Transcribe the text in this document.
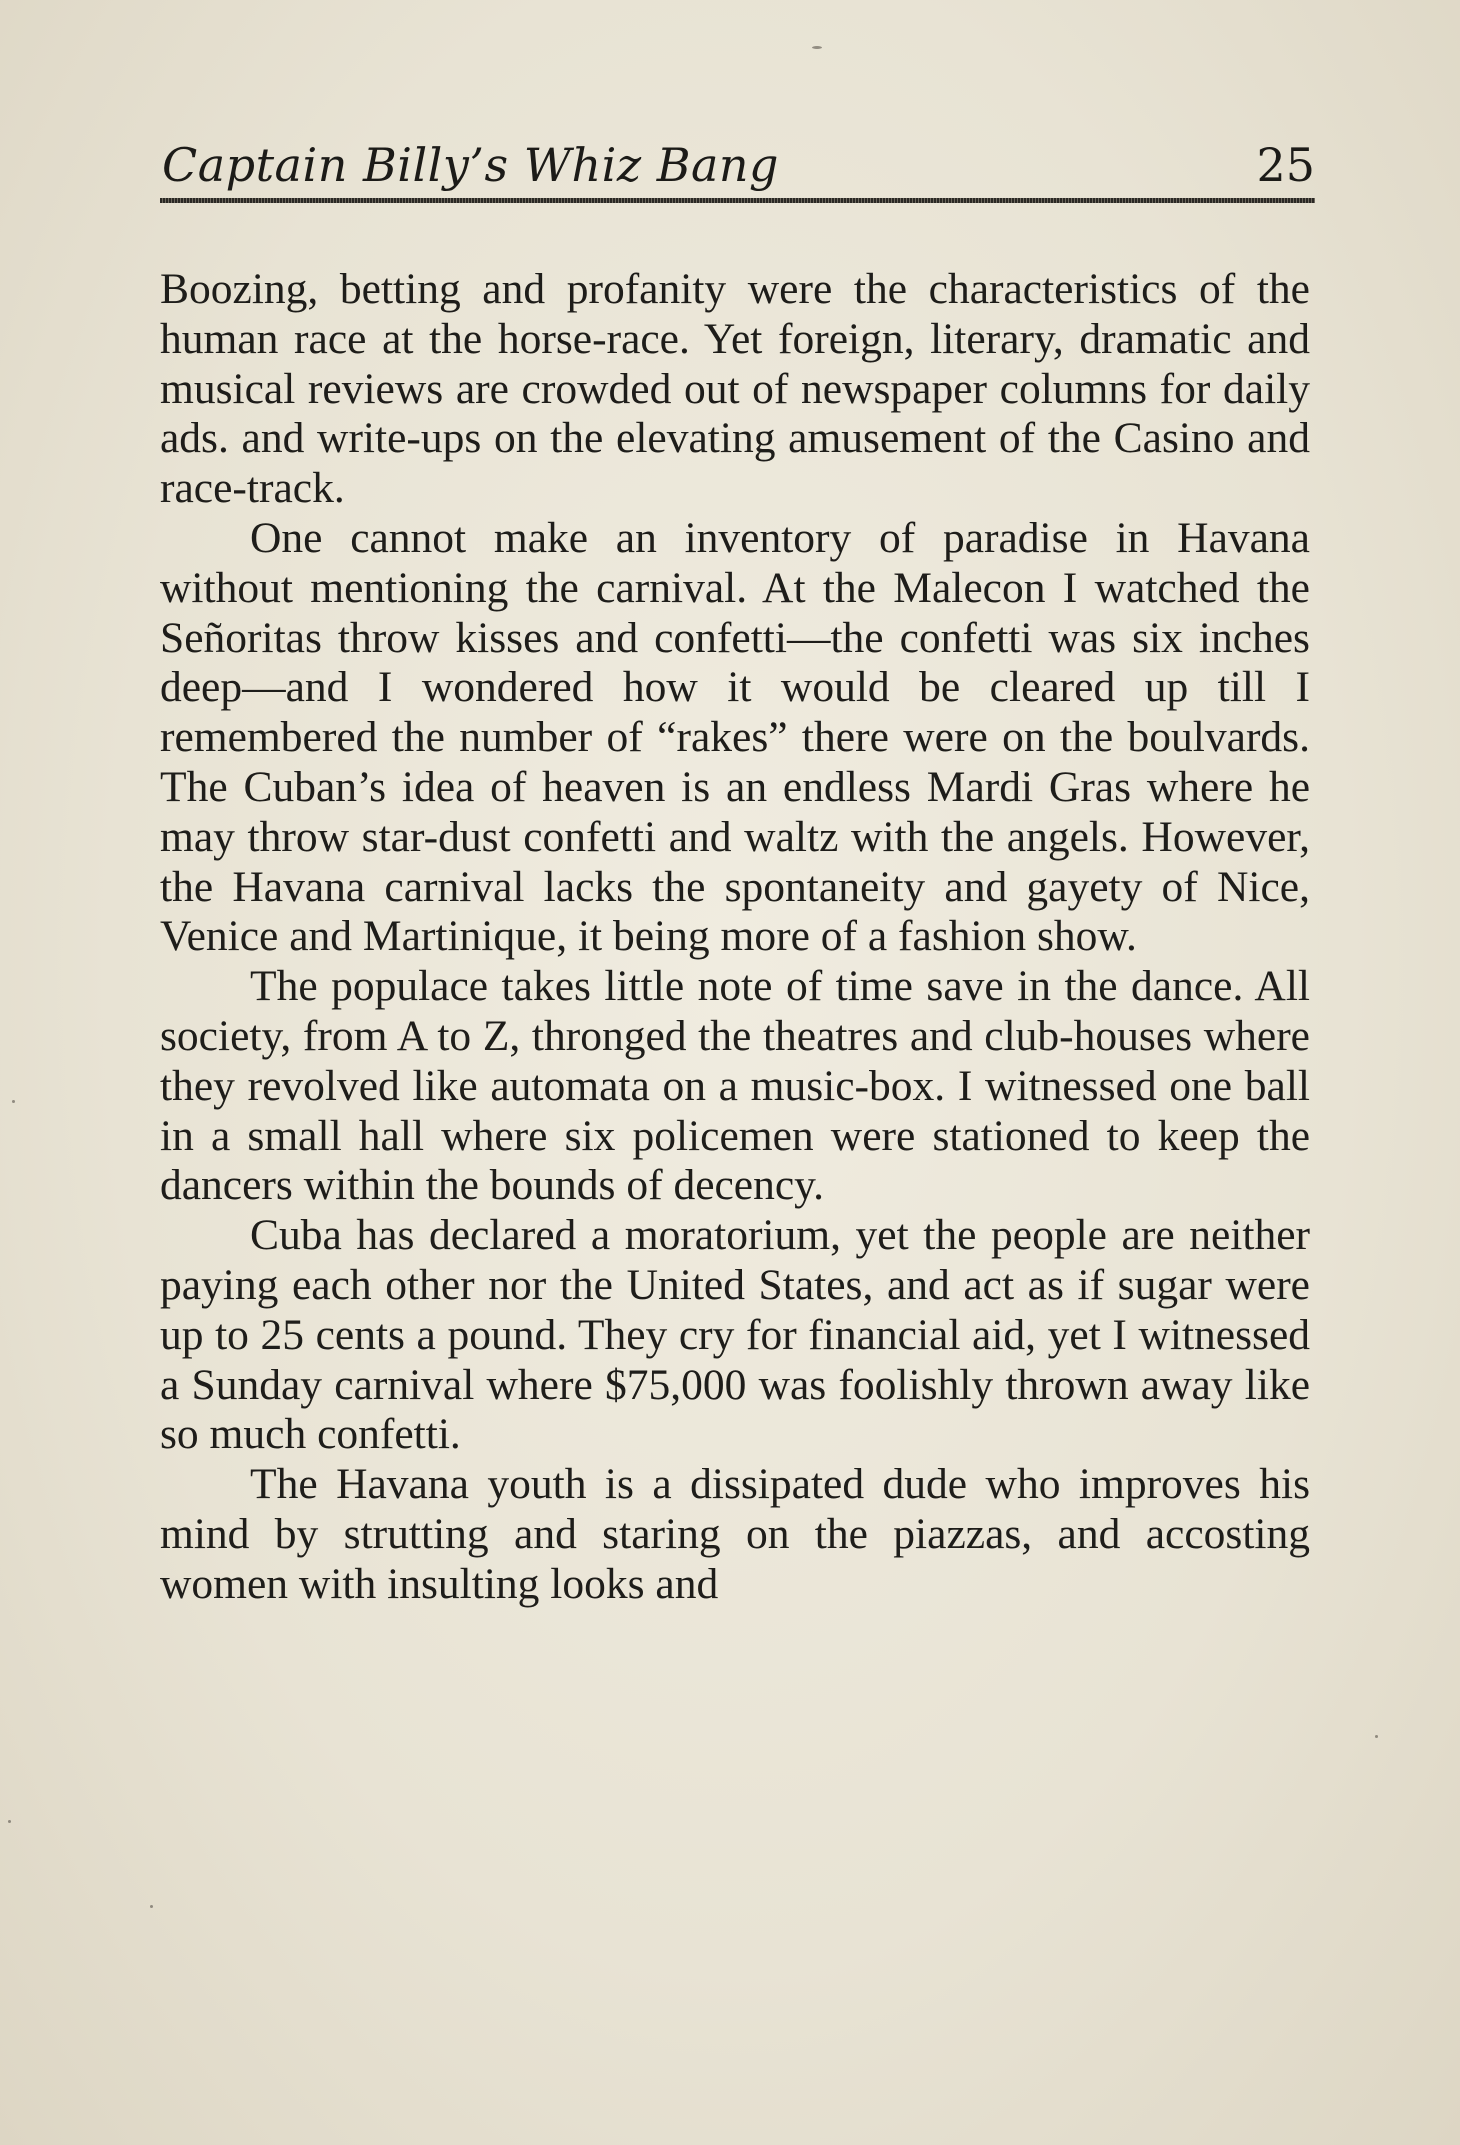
Captain Billy’s Whiz Bang	25

Boozing, betting and profanity were the characteristics of the human race at the horse-race. Yet foreign, literary, dramatic and musical reviews are crowded out of newspaper columns for daily ads. and write-ups on the elevating amusement of the Casino and race-track.

One cannot make an inventory of paradise in Havana without mentioning the carnival. At the Malecon I watched the Señoritas throw kisses and confetti—the confetti was six inches deep—and I wondered how it would be cleared up till I remembered the number of “rakes” there were on the boulvards. The Cuban’s idea of heaven is an endless Mardi Gras where he may throw star-dust confetti and waltz with the angels. However, the Havana carnival lacks the spontaneity and gayety of Nice, Venice and Martinique, it being more of a fashion show.

The populace takes little note of time save in the dance. All society, from A to Z, thronged the theatres and club-houses where they revolved like automata on a music-box. I witnessed one ball in a small hall where six policemen were stationed to keep the dancers within the bounds of decency.

Cuba has declared a moratorium, yet the people are neither paying each other nor the United States, and act as if sugar were up to 25 cents a pound. They cry for financial aid, yet I witnessed a Sunday carnival where $75,000 was foolishly thrown away like so much confetti.

The Havana youth is a dissipated dude who improves his mind by strutting and staring on the piazzas, and accosting women with insulting looks and
